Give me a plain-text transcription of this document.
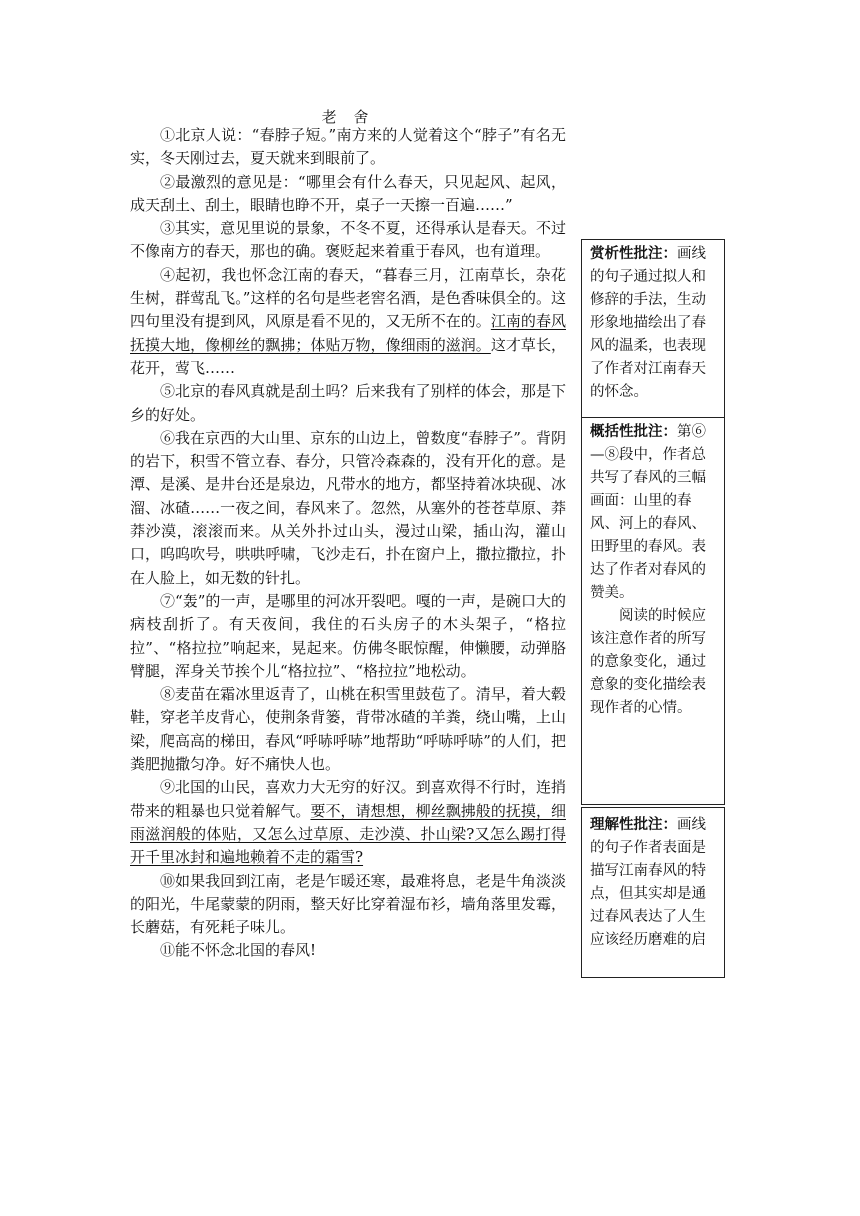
老 舍

①北京人说：“春脖子短。”南方来的人觉着这个“脖子”有名无实，冬天刚过去，夏天就来到眼前了。

②最激烈的意见是：“哪里会有什么春天，只见起风、起风，成天刮土、刮土，眼睛也睁不开，桌子一天擦一百遍……”

③其实，意见里说的景象，不冬不夏，还得承认是春天。不过不像南方的春天，那也的确。褒贬起来着重于春风，也有道理。

④起初，我也怀念江南的春天，“暮春三月，江南草长，杂花生树，群莺乱飞。”这样的名句是些老窖名酒，是色香味俱全的。这四句里没有提到风，风原是看不见的，又无所不在的。江南的春风抚摸大地，像柳丝的飘拂；体贴万物，像细雨的滋润。这才草长，花开，莺飞……

⑤北京的春风真就是刮土吗？后来我有了别样的体会，那是下乡的好处。

⑥我在京西的大山里、京东的山边上，曾数度“春脖子”。背阴的岩下，积雪不管立春、春分，只管冷森森的，没有开化的意。是潭、是溪、是井台还是泉边，凡带水的地方，都坚持着冰块砚、冰溜、冰碴……一夜之间，春风来了。忽然，从塞外的苍苍草原、莽莽沙漠，滚滚而来。从关外扑过山头，漫过山梁，插山沟，灌山口，呜呜吹号，哄哄呼啸，飞沙走石，扑在窗户上，撒拉撒拉，扑在人脸上，如无数的针扎。

⑦“轰”的一声，是哪里的河冰开裂吧。嘎的一声，是碗口大的病枝刮折了。有天夜间，我住的石头房子的木头架子，“格拉拉”、“格拉拉”响起来，晃起来。仿佛冬眠惊醒，伸懒腰，动弹胳臂腿，浑身关节挨个儿“格拉拉”、“格拉拉”地松动。

⑧麦苗在霜冰里返青了，山桃在积雪里鼓苞了。清早，着大毂鞋，穿老羊皮背心，使荆条背篓，背带冰碴的羊粪，绕山嘴，上山梁，爬高高的梯田，春风“呼哧呼哧”地帮助“呼哧呼哧”的人们，把粪肥抛撒匀净。好不痛快人也。

⑨北国的山民，喜欢力大无穷的好汉。到喜欢得不行时，连捎带来的粗暴也只觉着解气。要不，请想想，柳丝飘拂般的抚摸，细雨滋润般的体贴，又怎么过草原、走沙漠、扑山梁?又怎么踢打得开千里冰封和遍地赖着不走的霜雪?

⑩如果我回到江南，老是乍暖还寒，最难将息，老是牛角淡淡的阳光，牛尾蒙蒙的阴雨，整天好比穿着湿布衫，墙角落里发霉，长蘑菇，有死耗子味儿。

⑪能不怀念北国的春风!

赏析性批注：画线的句子通过拟人和修辞的手法，生动形象地描绘出了春风的温柔，也表现了作者对江南春天的怀念。

概括性批注：第⑥—⑧段中，作者总共写了春风的三幅画面：山里的春风、河上的春风、田野里的春风。表达了作者对春风的赞美。

阅读的时候应该注意作者的所写的意象变化，通过意象的变化描绘表现作者的心情。

理解性批注：画线的句子作者表面是描写江南春风的特点，但其实却是通过春风表达了人生应该经历磨难的启
